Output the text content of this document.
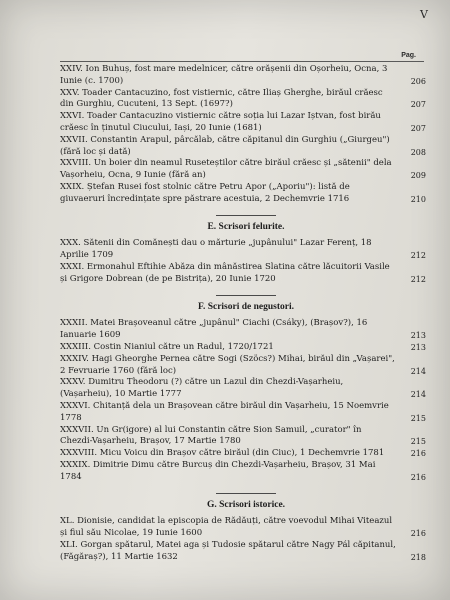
V
Pag.
XXIV. Ion Buhuș, fost mare medelnicer, către orășenii din Oșorheiu, Ocna, 3 Iunie (c. 1700)	206
XXV. Toader Cantacuzino, fost vistiernic, către Iliaș Gherghe, birăul crăesc din Gurghiu, Cucuteni, 13 Sept. (1697?)	207
XXVI. Toader Cantacuzino vistiernic către soția lui Lazar Iștvan, fost birău crăesc în ținutul Ciucului, Iași, 20 Iunie (1681)	207
XXVII. Constantin Arapul, pârcălab, către căpitanul din Gurghiu („Giurgeu") (fără loc și dată)	208
XXVIII. Un boier din neamul Ruseteștilor către birăul crăesc și „sătenii" dela Vașorheiu, Ocna, 9 Iunie (fără an)	209
XXIX. Ștefan Rusei fost stolnic către Petru Apor („Aporiu"): listă de giuvaeruri încredințate spre păstrare acestuia, 2 Dechemvrie 1716	210
E. Scrisori felurite.
XXX. Sătenii din Comănești dau o mărturie „jupânului" Lazar Ferenț, 18 Aprilie 1709	212
XXXI. Ermonahul Eftihie Abăza din mânăstirea Slatina către lăcuitorii Vasile și Grigore Dobrean (de pe Bistrița), 20 Iunie 1720	212
F. Scrisori de negustori.
XXXII. Matei Brașoveanul către „jupânul" Ciachi (Csáky), (Brașov?), 16 Ianuarie 1609	213
XXXIII. Costin Nianiul către un Radul, 1720/1721	213
XXXIV. Hagi Gheorghe Pernea către Sogi (Szöcs?) Mihai, birăul din „Vașarei", 2 Fevruarie 1760 (fără loc)	214
XXXV. Dumitru Theodoru (?) către un Lazul din Chezdi-Vașarheiu, (Vașarheiu), 10 Martie 1777	214
XXXVI. Chitanță dela un Brașovean către birăul din Vașarheiu, 15 Noemvrie 1778	215
XXXVII. Un Gr(igore) al lui Constantin către Sion Samuil, „curator" în Chezdi-Vașarheiu, Brașov, 17 Martie 1780	215
XXXVIII. Micu Voicu din Brașov către birăul (din Ciuc), 1 Dechemvrie 1781	216
XXXIX. Dimitrie Dimu către Burcuș din Chezdi-Vașarheiu, Brașov, 31 Mai 1784	216
G. Scrisori istorice.
XL. Dionisie, candidat la episcopia de Rădăuți, către voevodul Mihai Viteazul și fiul său Nicolae, 19 Iunie 1600	216
XLI. Gorgan spătarul, Matei aga și Tudosie spătarul către Nagy Pál căpitanul, (Făgăraș?), 11 Martie 1632	218
